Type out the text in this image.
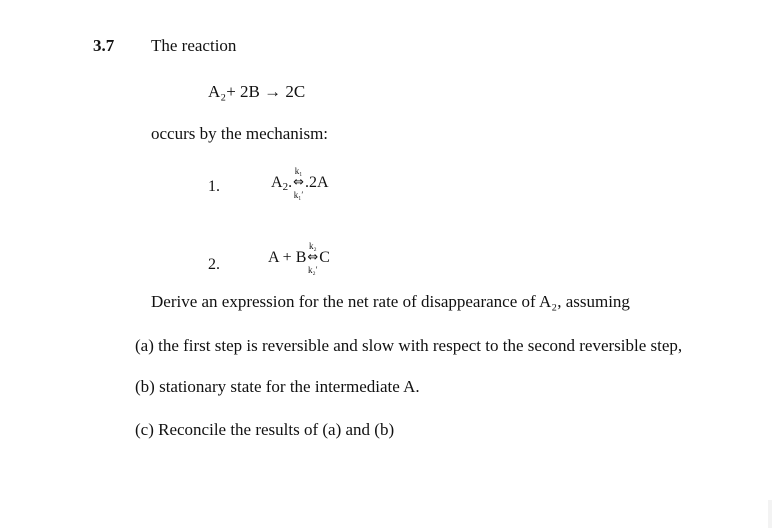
3.7 The reaction
A₂+ 2B → 2C
occurs by the mechanism:
1.	A 2 .
k₁
⇔
k₁′
.2A
2.	A + B
k₂
⇔
k₂′
C
Derive an expression for the net rate of disappearance of A₂, assuming
(a) the first step is reversible and slow with respect to the second reversible step,
(b) stationary state for the intermediate A.
(c) Reconcile the results of (a) and (b)
